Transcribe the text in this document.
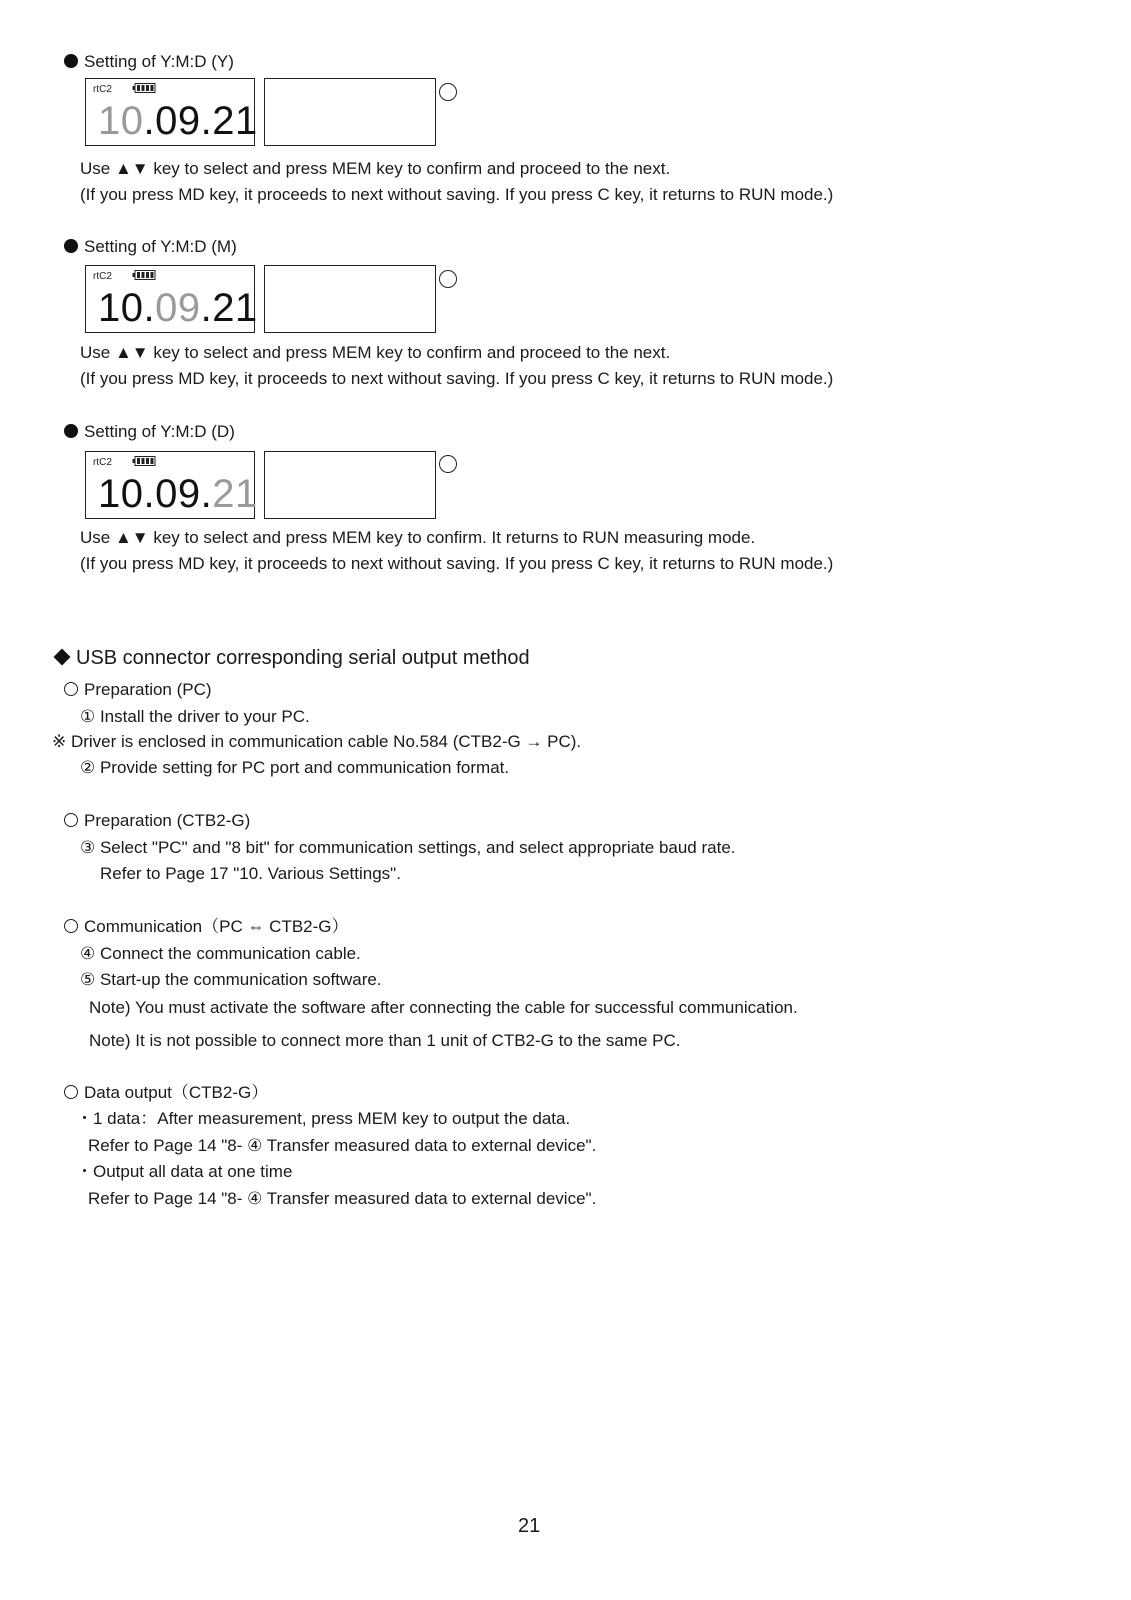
Setting of Y:M:D (Y)
rtC2
10.09.21
Use ▲▼ key to select and press MEM key to confirm and proceed to the next.
(If you press MD key, it proceeds to next without saving. If you press C key, it returns to RUN mode.)
Setting of Y:M:D (M)
rtC2
10.09.21
Use ▲▼ key to select and press MEM key to confirm and proceed to the next.
(If you press MD key, it proceeds to next without saving. If you press C key, it returns to RUN mode.)
Setting of Y:M:D (D)
rtC2
10.09.21
Use ▲▼ key to select and press MEM key to confirm. It returns to RUN measuring mode.
(If you press MD key, it proceeds to next without saving. If you press C key, it returns to RUN mode.)
USB connector corresponding serial output method
Preparation (PC)
① Install the driver to your PC.
※ Driver is enclosed in communication cable No.584 (CTB2-G → PC).
② Provide setting for PC port and communication format.
Preparation (CTB2-G)
③ Select "PC" and "8 bit" for communication settings, and select appropriate baud rate.
Refer to Page 17 "10. Various Settings".
Communication（PC ⇔ CTB2-G）
④ Connect the communication cable.
⑤ Start-up the communication software.
Note) You must activate the software after connecting the cable for successful communication.
Note) It is not possible to connect more than 1 unit of CTB2-G to the same PC.
Data output（CTB2-G）
・1 data：After measurement, press MEM key to output the data.
Refer to Page 14 "8- ④ Transfer measured data to external device".
・Output all data at one time
Refer to Page 14 "8- ④ Transfer measured data to external device".
21
